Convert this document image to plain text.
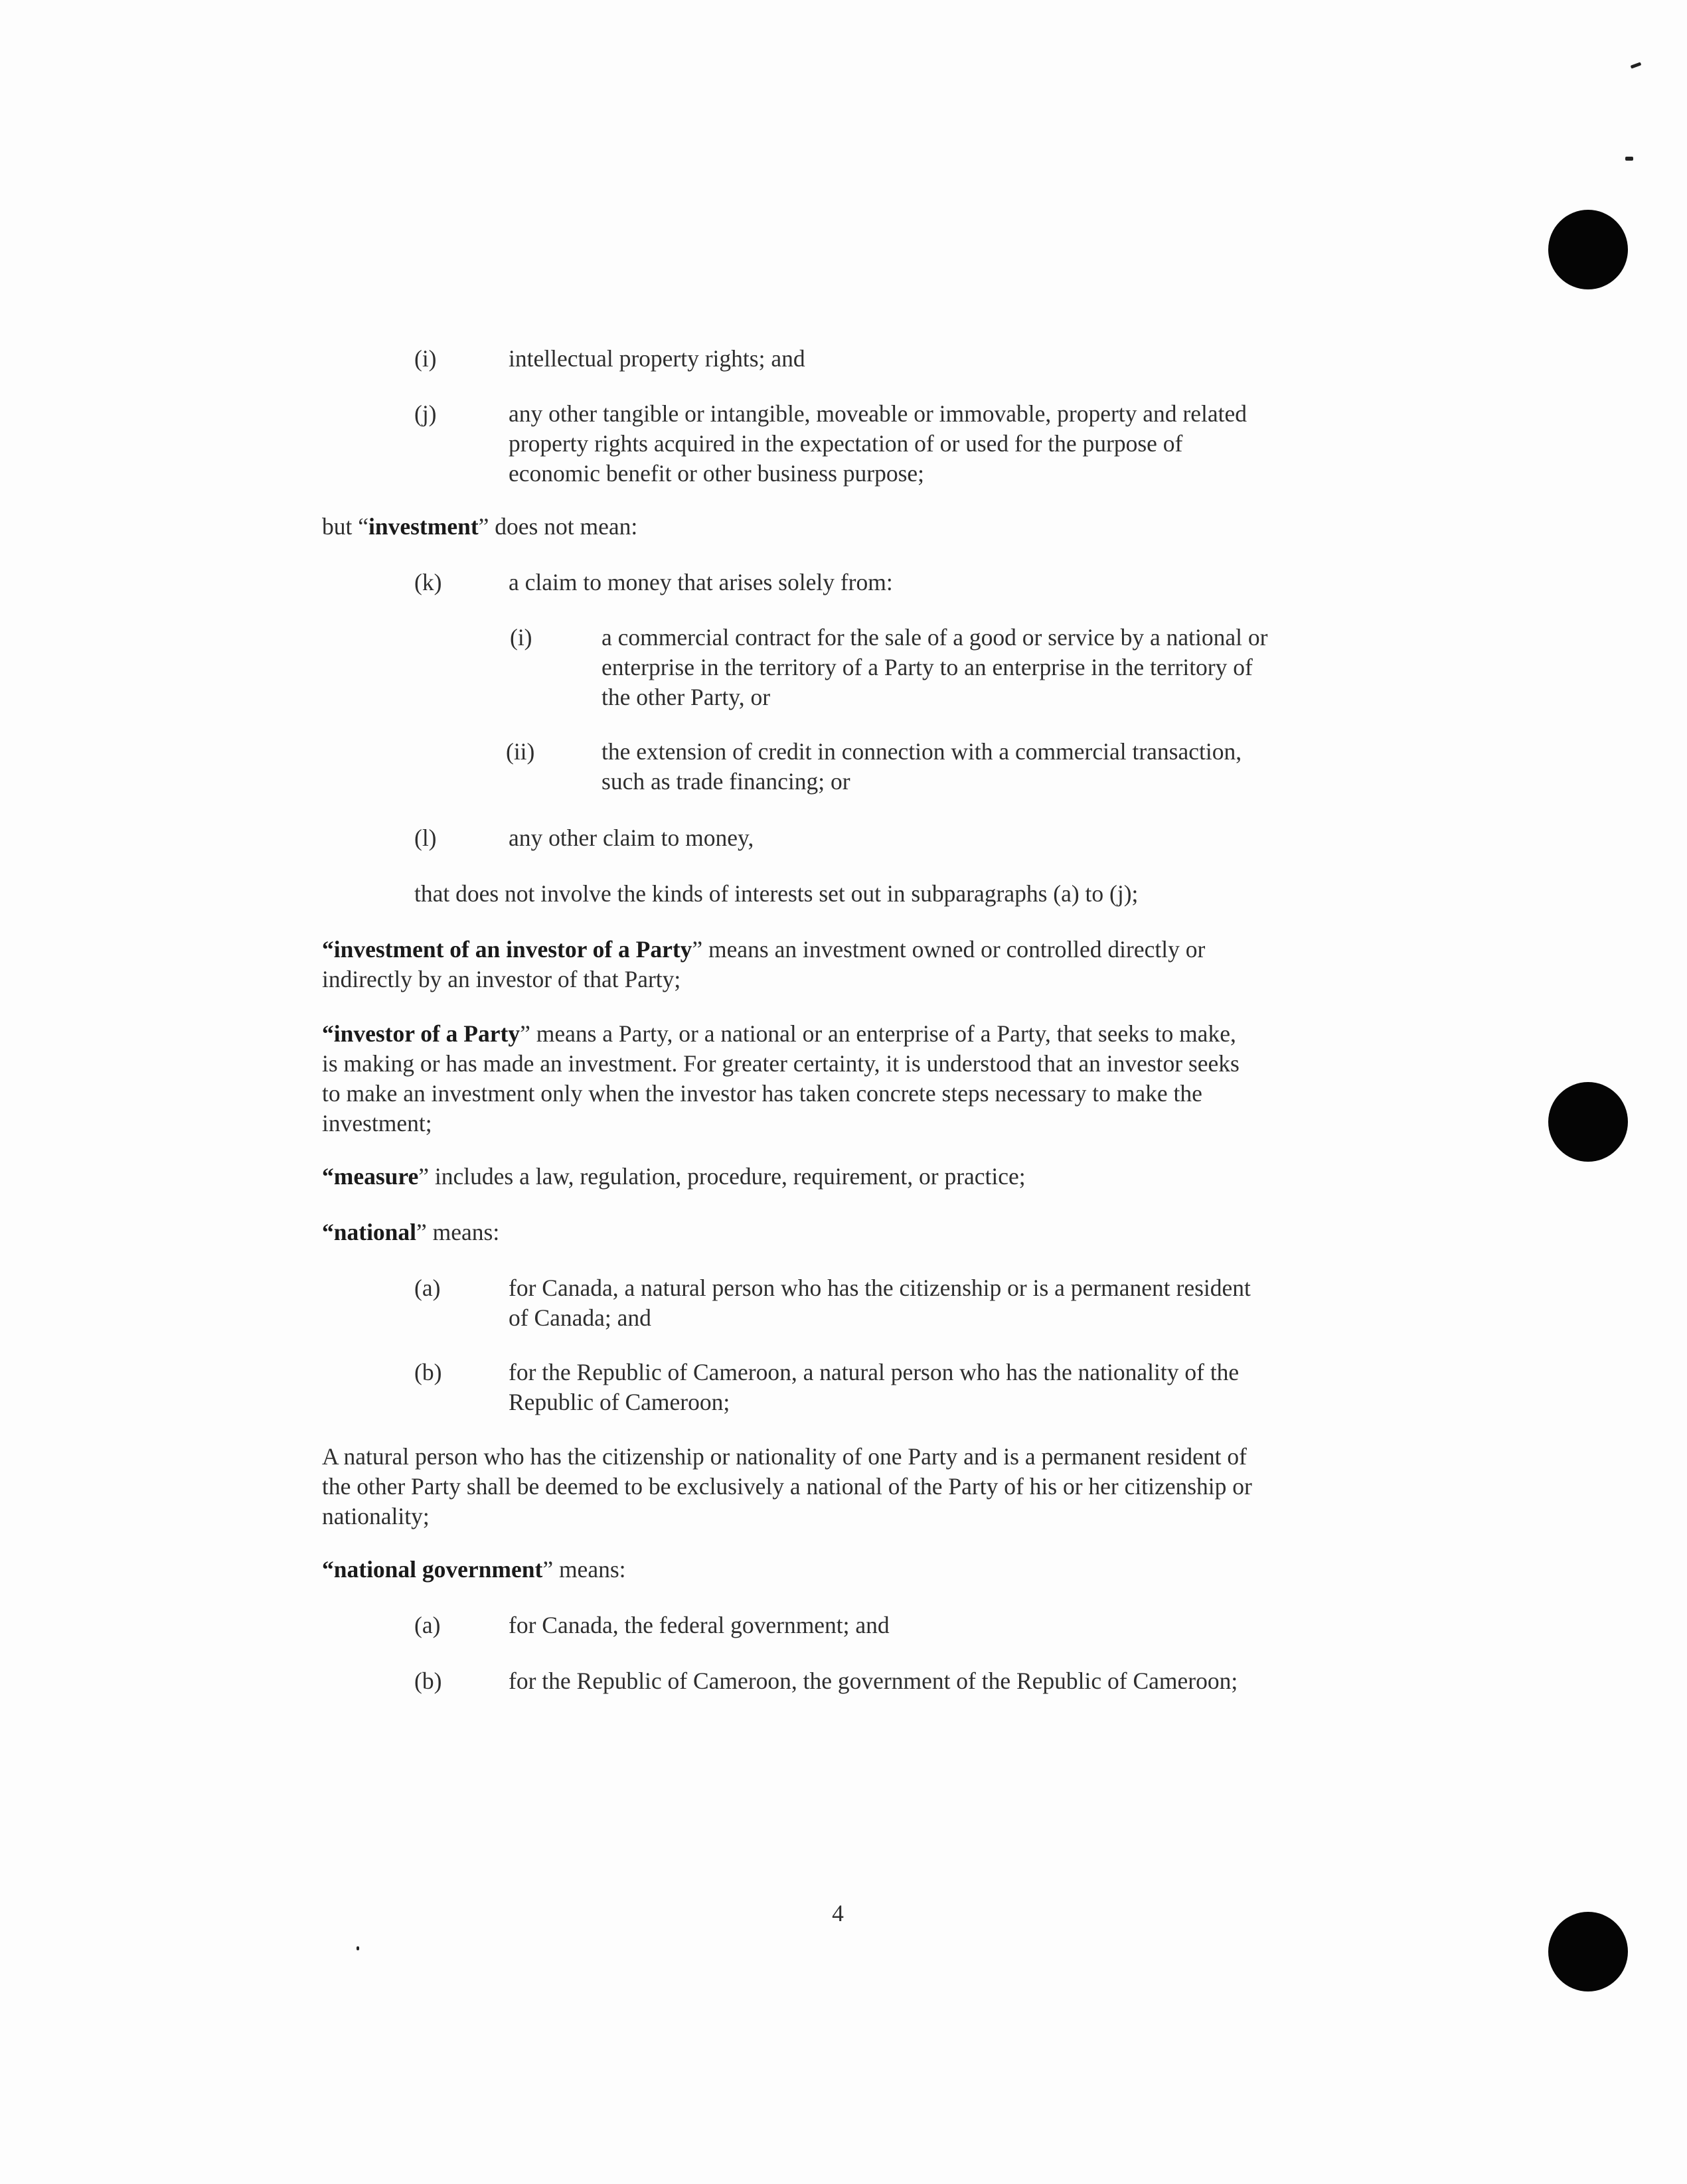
(i)	intellectual property rights; and
(j)	any other tangible or intangible, moveable or immovable, property and related

property rights acquired in the expectation of or used for the purpose of

economic benefit or other business purpose;

but “investment” does not mean:
(k)	a claim to money that arises solely from:
(i)	a commercial contract for the sale of a good or service by a national or

enterprise in the territory of a Party to an enterprise in the territory of

the other Party, or

(ii)	the extension of credit in connection with a commercial transaction,

such as trade financing; or

(l)	any other claim to money,
that does not involve the kinds of interests set out in subparagraphs (a) to (j);

“investment of an investor of a Party” means an investment owned or controlled directly or

indirectly by an investor of that Party;

“investor of a Party” means a Party, or a national or an enterprise of a Party, that seeks to make,

is making or has made an investment. For greater certainty, it is understood that an investor seeks

to make an investment only when the investor has taken concrete steps necessary to make the

investment;

“measure” includes a law, regulation, procedure, requirement, or practice;
“national” means:
(a)	for Canada, a natural person who has the citizenship or is a permanent resident

of Canada; and

(b)	for the Republic of Cameroon, a natural person who has the nationality of the

Republic of Cameroon;

A natural person who has the citizenship or nationality of one Party and is a permanent resident of

the other Party shall be deemed to be exclusively a national of the Party of his or her citizenship or

nationality;

“national government” means:
(a)	for Canada, the federal government; and
(b)	for the Republic of Cameroon, the government of the Republic of Cameroon;
4
